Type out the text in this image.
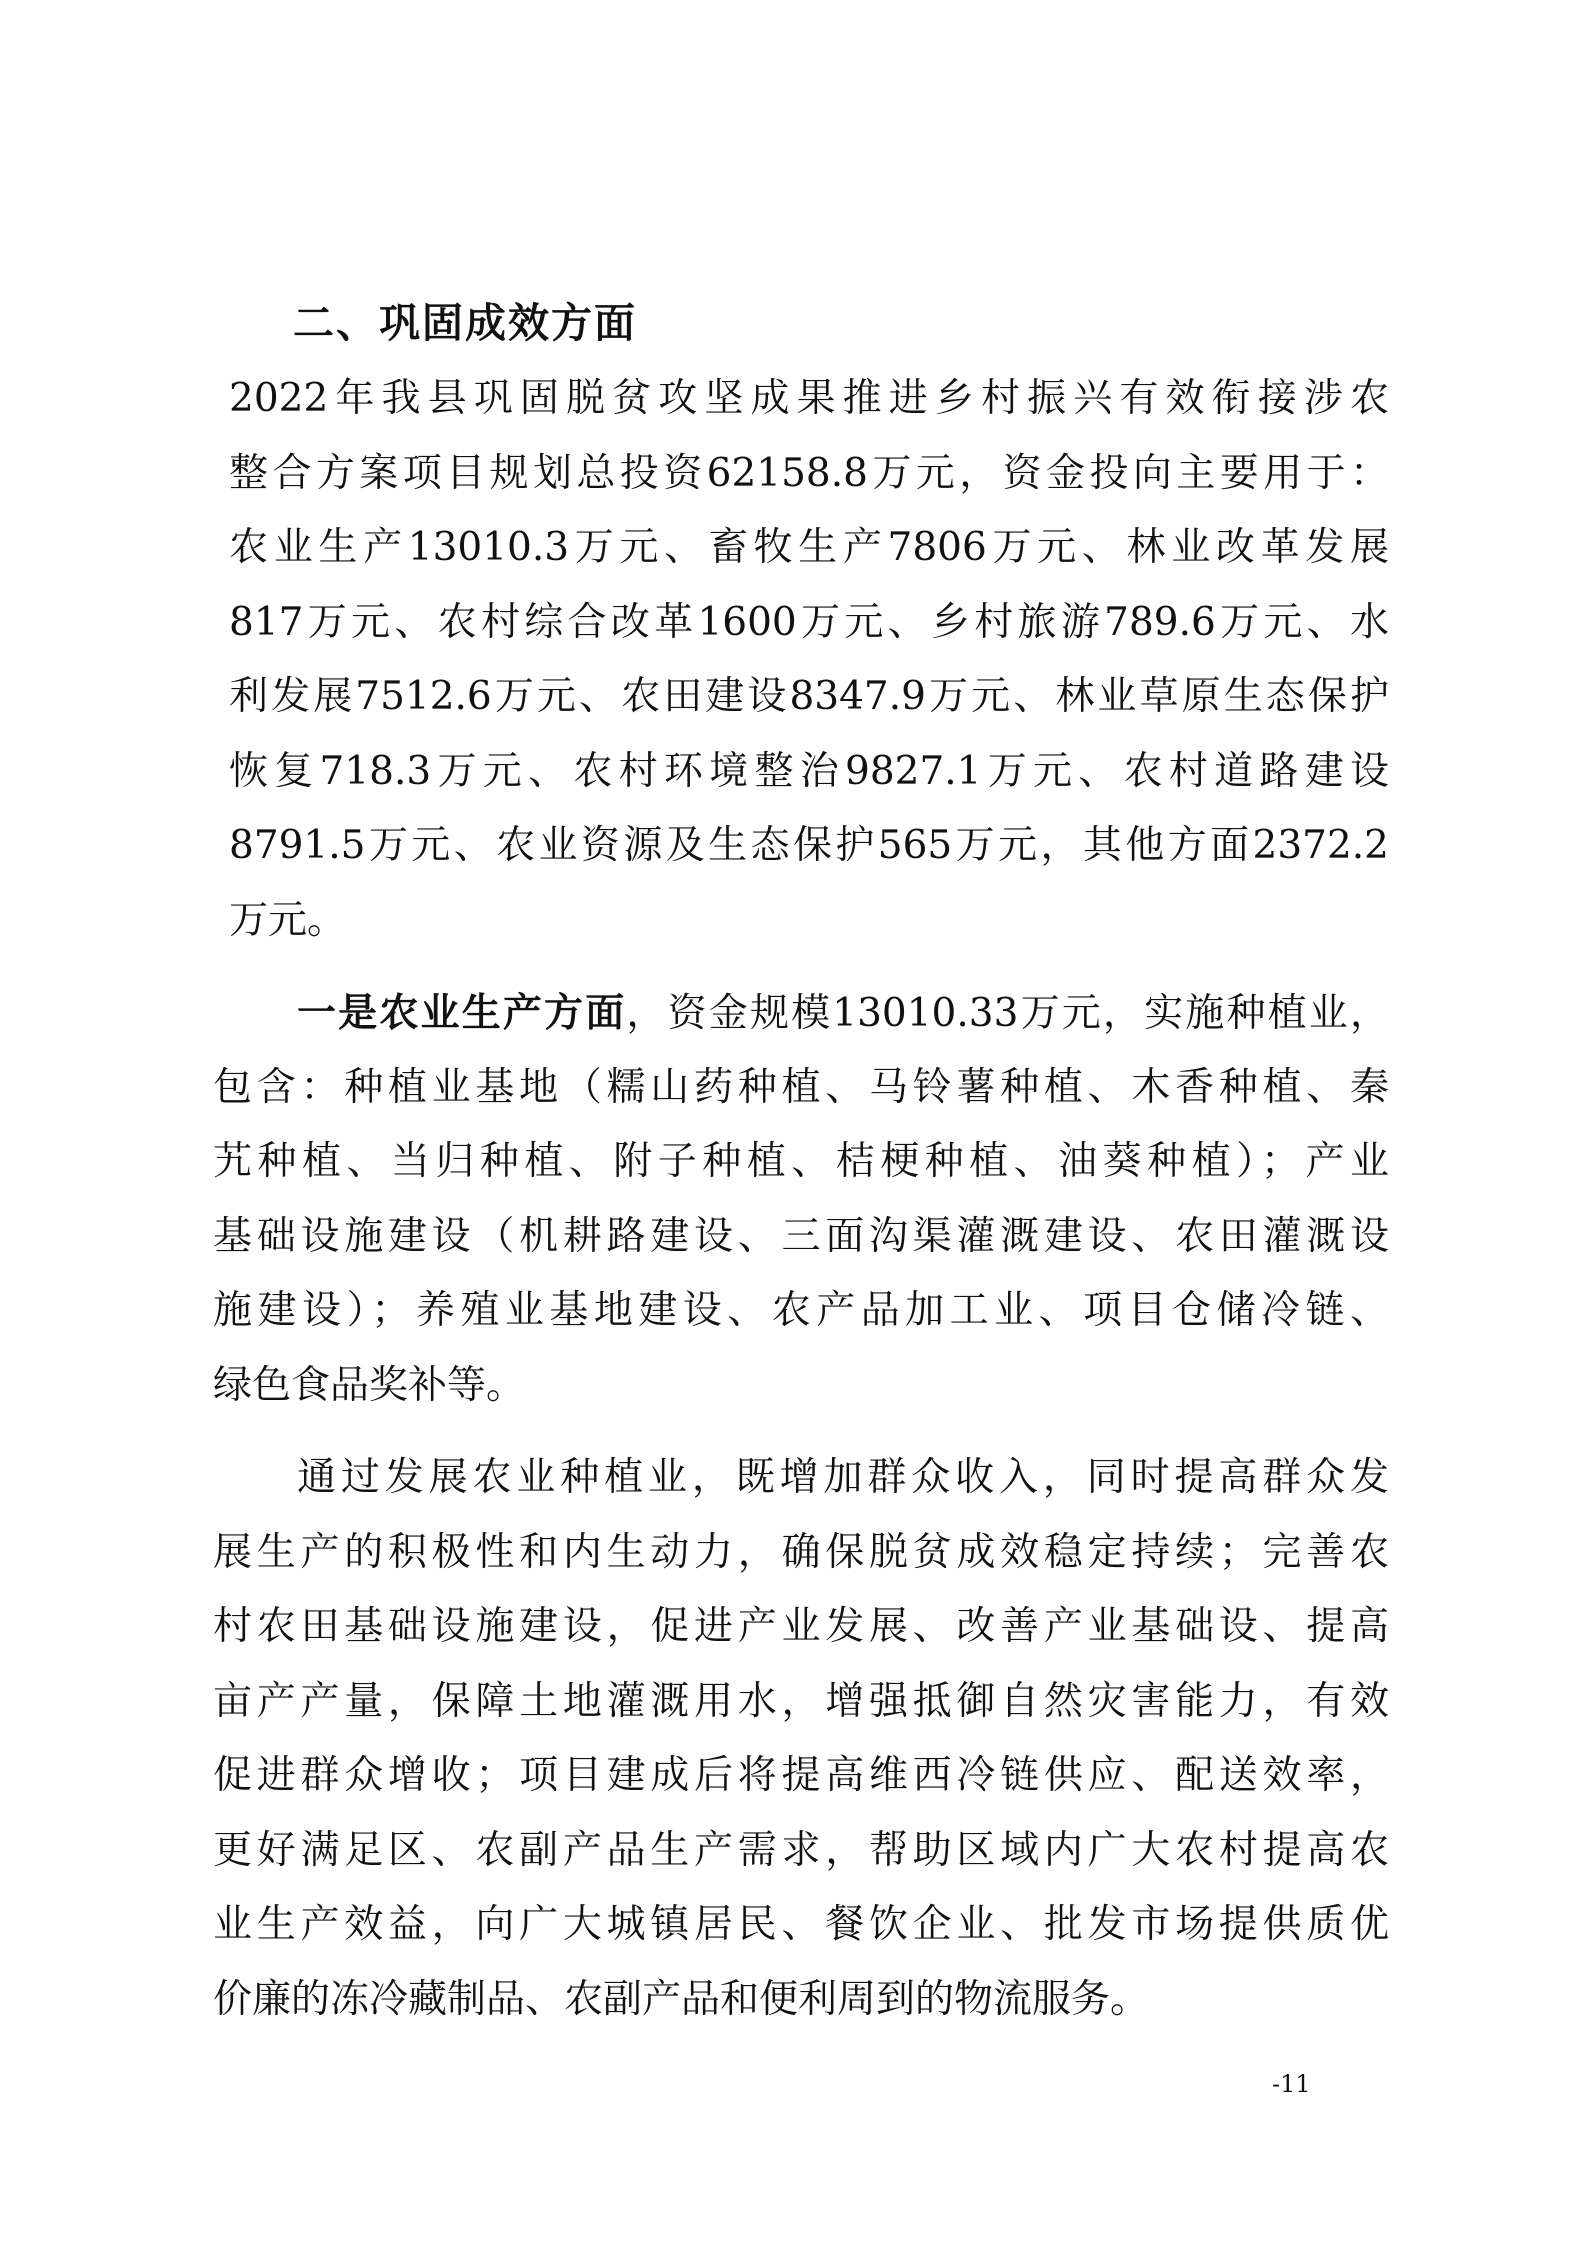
二、巩固成效方面
2022年我县巩固脱贫攻坚成果推进乡村振兴有效衔接涉农
整合方案项目规划总投资62158.8万元，资金投向主要用于：
农业生产13010.3万元、畜牧生产7806万元、林业改革发展
817万元、农村综合改革1600万元、乡村旅游789.6万元、水
利发展7512.6万元、农田建设8347.9万元、林业草原生态保护
恢复718.3万元、农村环境整治9827.1万元、农村道路建设
8791.5万元、农业资源及生态保护565万元，其他方面2372.2
万元。
一是农业生产方面，资金规模13010.33万元，实施种植业，
包含：种植业基地（糯山药种植、马铃薯种植、木香种植、秦
艽种植、当归种植、附子种植、桔梗种植、油葵种植）；产业
基础设施建设（机耕路建设、三面沟渠灌溉建设、农田灌溉设
施建设）；养殖业基地建设、农产品加工业、项目仓储冷链、
绿色食品奖补等。
通过发展农业种植业，既增加群众收入，同时提高群众发
展生产的积极性和内生动力，确保脱贫成效稳定持续；完善农
村农田基础设施建设，促进产业发展、改善产业基础设、提高
亩产产量，保障土地灌溉用水，增强抵御自然灾害能力，有效
促进群众增收；项目建成后将提高维西冷链供应、配送效率，
更好满足区、农副产品生产需求，帮助区域内广大农村提高农
业生产效益，向广大城镇居民、餐饮企业、批发市场提供质优
价廉的冻冷藏制品、农副产品和便利周到的物流服务。
-11
